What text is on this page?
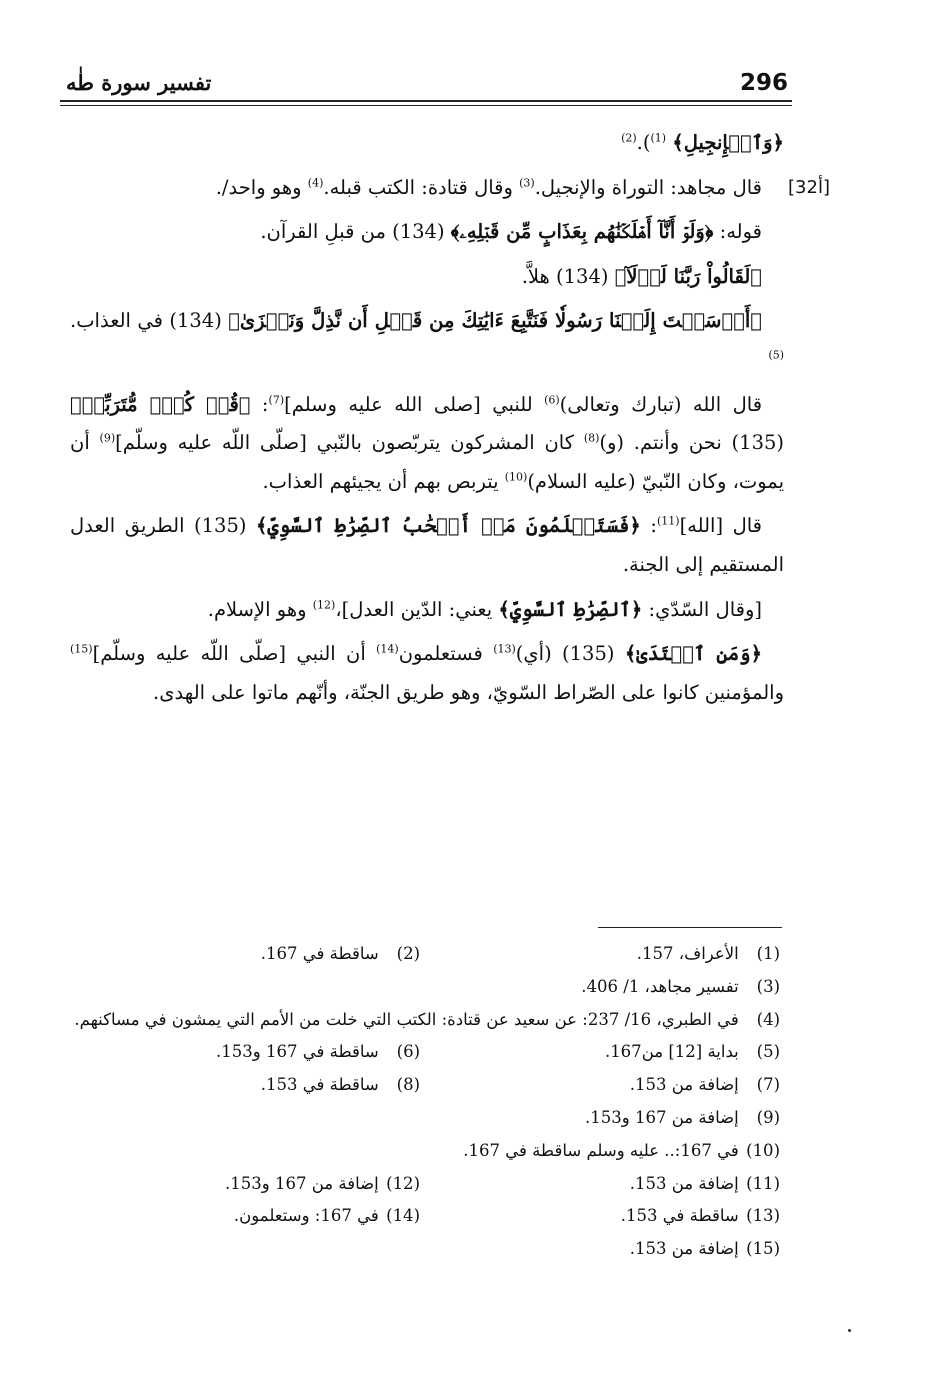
296
تفسير سورة طٰه
[32أ]

﴿وَٱلۡإِنجِيلِ﴾ $^{(1)}$).$^{(2)}$

قال مجاهد: التوراة والإنجيل.$^{(3)}$ وقال قتادة: الكتب قبله.$^{(4)}$ وهو واحد/.

قوله: ﴿وَلَوۡ أَنَّآ أَهۡلَكۡنَٰهُم بِعَذَابٍ مِّن قَبۡلِهِۦ﴾ (134) من قبلِ القرآن.

﴿لَقَالُواْ رَبَّنَا لَوۡلَآ﴾ (134) هلاَّ.

﴿أَرۡسَلۡتَ إِلَيۡنَا رَسُولٗا فَنَتَّبِعَ ءَايَٰتِكَ مِن قَبۡلِ أَن نَّذِلَّ وَنَخۡزَىٰ﴾ (134) في العذاب.$^{(5)}$

قال الله (تبارك وتعالى)$^{(6)}$ للنبي [صلى الله عليه وسلم]$^{(7)}$: ﴿قُلۡ كُلّٞ مُّتَرَبِّصٞ﴾ (135) نحن وأنتم. (و)$^{(8)}$ كان المشركون يتربّصون بالنّبي [صلّى اللّه عليه وسلّم]$^{(9)}$ أن يموت، وكان النّبيّ (عليه السلام)$^{(10)}$ يتربص بهم أن يجيئهم العذاب.

قال [الله]$^{(11)}$: ﴿فَسَتَعۡلَمُونَ مَنۡ أَصۡحَٰبُ ٱلصِّرَٰطِ ٱلسَّوِيِّ﴾ (135) الطريق العدل المستقيم إلى الجنة.

[وقال السّدّي: ﴿ٱلصِّرَٰطِ ٱلسَّوِيِّ﴾ يعني: الدّين العدل]،$^{(12)}$ وهو الإسلام.

﴿وَمَنِ ٱهۡتَدَىٰ﴾ (135) (أي)$^{(13)}$ فستعلمون$^{(14)}$ أن النبي [صلّى اللّه عليه وسلّم]$^{(15)}$ والمؤمنين كانوا على الصّراط السّويّ، وهو طريق الجنّة، وأنّهم ماتوا على الهدى.

(1) الأعراف، 157.
(2) ساقطة في 167.
(3) تفسير مجاهد، 1/ 406.
(4) في الطبري، 16/ 237: عن سعيد عن قتادة: الكتب التي خلت من الأمم التي يمشون في مساكنهم.
(5) بداية [12] من167.
(6) ساقطة في 167 و153.
(7) إضافة من 153.
(8) ساقطة في 153.
(9) إضافة من 167 و153.
(10) في 167:.. عليه وسلم ساقطة في 167.
(11) إضافة من 153.
(12) إضافة من 167 و153.
(13) ساقطة في 153.
(14) في 167: وستعلمون.
(15) إضافة من 153.
